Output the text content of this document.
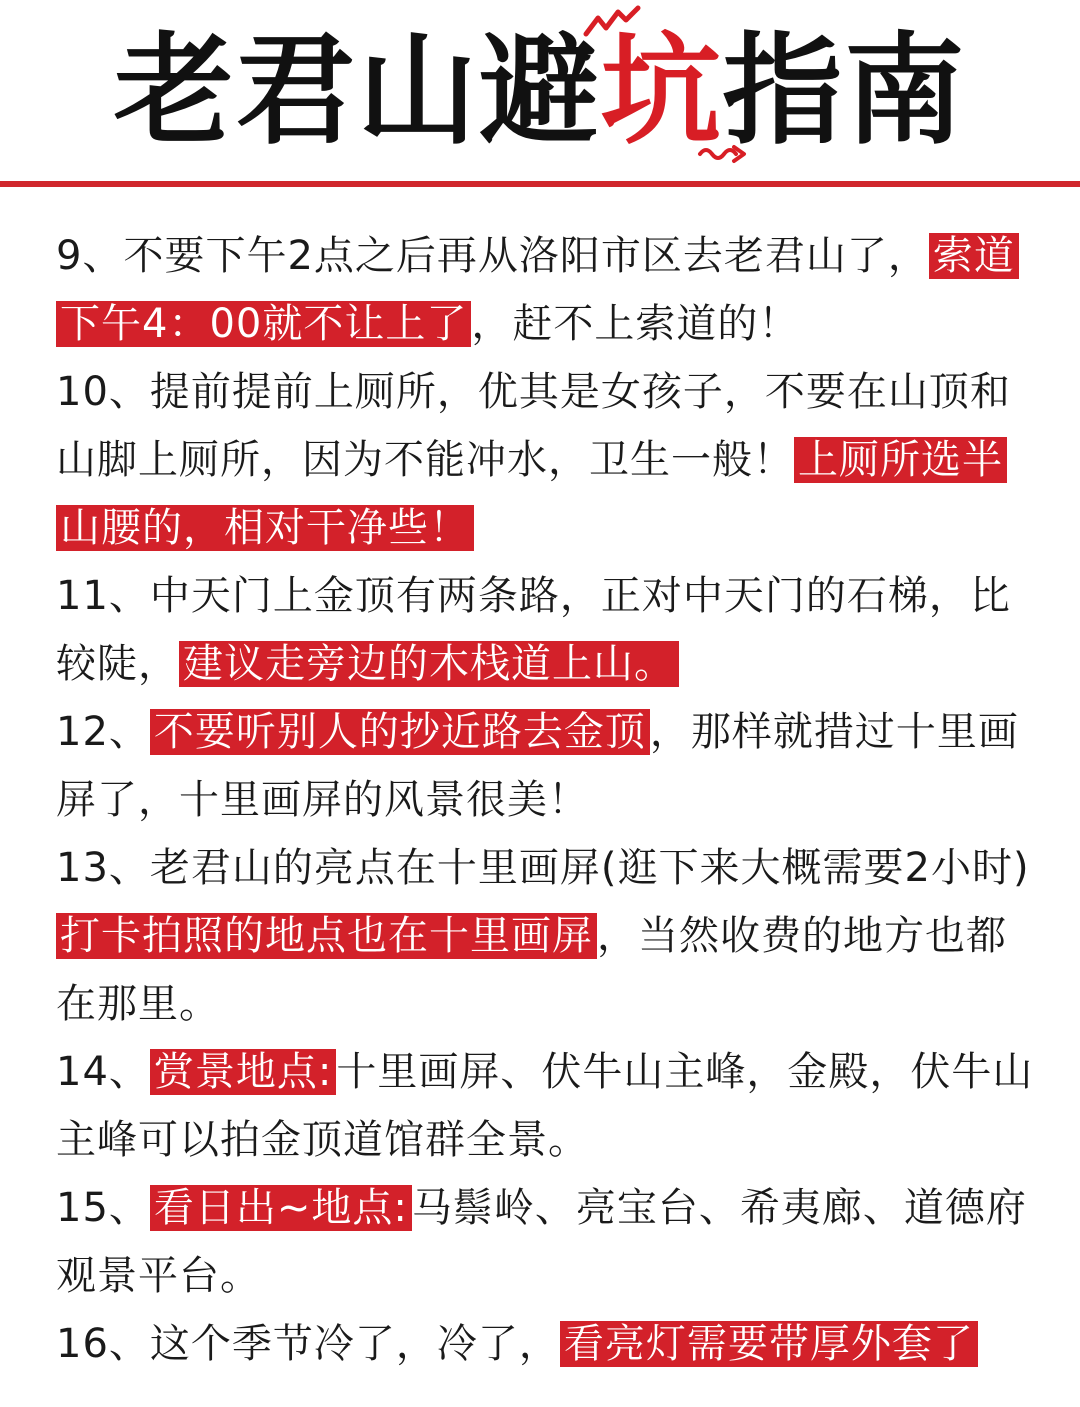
老君山避坑指南
9、不要下午2点之后再从洛阳市区去老君山了， 索道
下午4：00就不让上了 ，赶不上索道的！
10、提前提前上厕所，优其是女孩子，不要在山顶和
山脚上厕所，因为不能冲水，卫生一般！ 上厕所选半
山腰的，相对干净些！
11、中天门上金顶有两条路，正对中天门的石梯，比
较陡， 建议走旁边的木栈道上山。
12、 不要听别人的抄近路去金顶 ，那样就措过十里画
屏了，十里画屏的风景很美！
13、老君山的亮点在十里画屏(逛下来大概需要2小时)
打卡拍照的地点也在十里画屏 ，当然收费的地方也都
在那里。
14、 赏景地点: 十里画屏、伏牛山主峰，金殿，伏牛山
主峰可以拍金顶道馆群全景。
15、 看日出~地点: 马鬃岭、亮宝台、希夷廊、道德府
观景平台。
16、这个季节冷了，冷了， 看亮灯需要带厚外套了
